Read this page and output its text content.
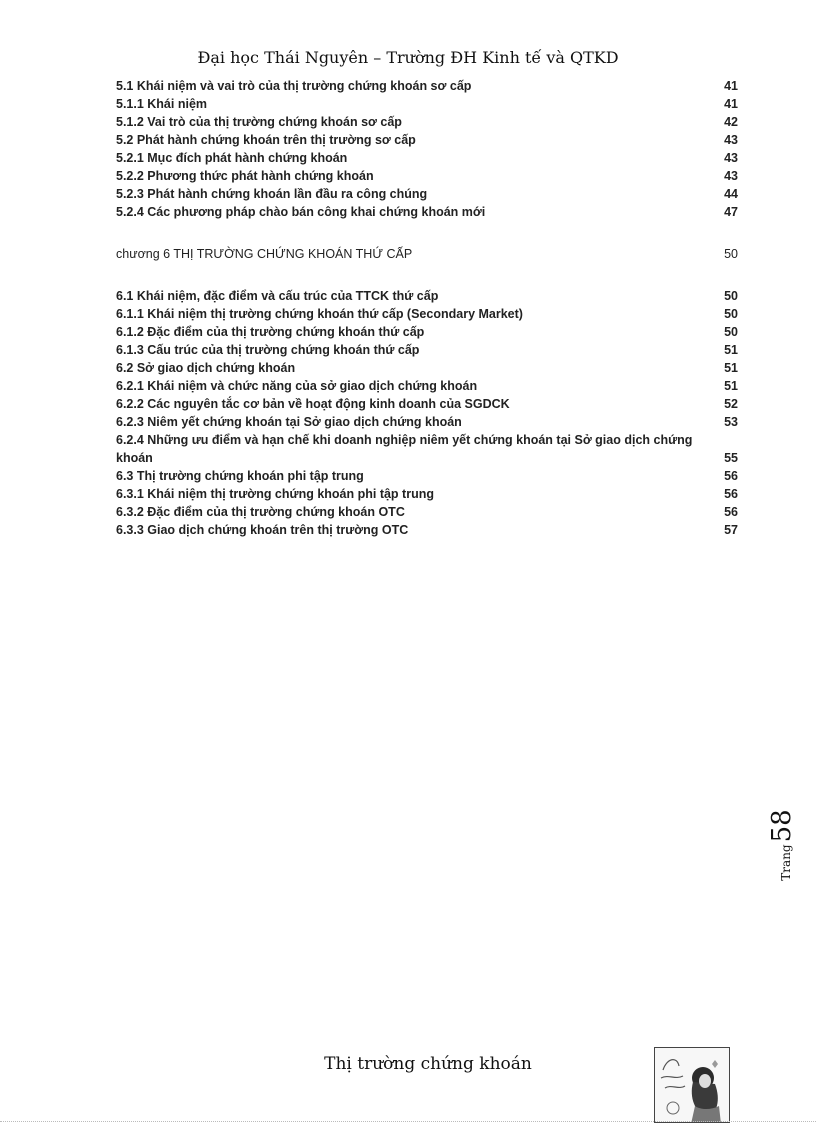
Đại học Thái Nguyên – Trường ĐH Kinh tế và QTKD
5.1 Khái niệm và vai trò của thị trường chứng khoán sơ cấp	41
5.1.1 Khái niệm	41
5.1.2 Vai trò của thị trường chứng khoán sơ cấp	42
5.2 Phát hành chứng khoán trên thị trường sơ cấp	43
5.2.1 Mục đích phát hành chứng khoán	43
5.2.2 Phương thức phát hành chứng khoán	43
5.2.3 Phát hành chứng khoán lần đầu ra công chúng	44
5.2.4 Các phương pháp chào bán công khai chứng khoán mới	47
chương 6 THỊ TRƯỜNG CHỨNG KHOÁN THỨ CẤP	50
6.1 Khái niệm, đặc điểm và cấu trúc của TTCK thứ cấp	50
6.1.1 Khái niệm thị trường chứng khoán thứ cấp (Secondary Market)	50
6.1.2 Đặc điểm của thị trường chứng khoán thứ cấp	50
6.1.3 Cấu trúc của thị trường chứng khoán thứ cấp	51
6.2 Sở giao dịch chứng khoán	51
6.2.1 Khái niệm và chức năng của sở giao dịch chứng khoán	51
6.2.2 Các nguyên tắc cơ bản về hoạt động kinh doanh của SGDCK	52
6.2.3 Niêm yết chứng khoán tại Sở giao dịch chứng khoán	53
6.2.4 Những ưu điểm và hạn chế khi doanh nghiệp niêm yết chứng khoán tại Sở giao dịch chứng khoán	55
6.3 Thị trường chứng khoán phi tập trung	56
6.3.1 Khái niệm thị trường chứng khoán phi tập trung	56
6.3.2 Đặc điểm của thị trường chứng khoán OTC	56
6.3.3 Giao dịch chứng khoán trên thị trường OTC	57
Trang58
Thị trường chứng khoán
